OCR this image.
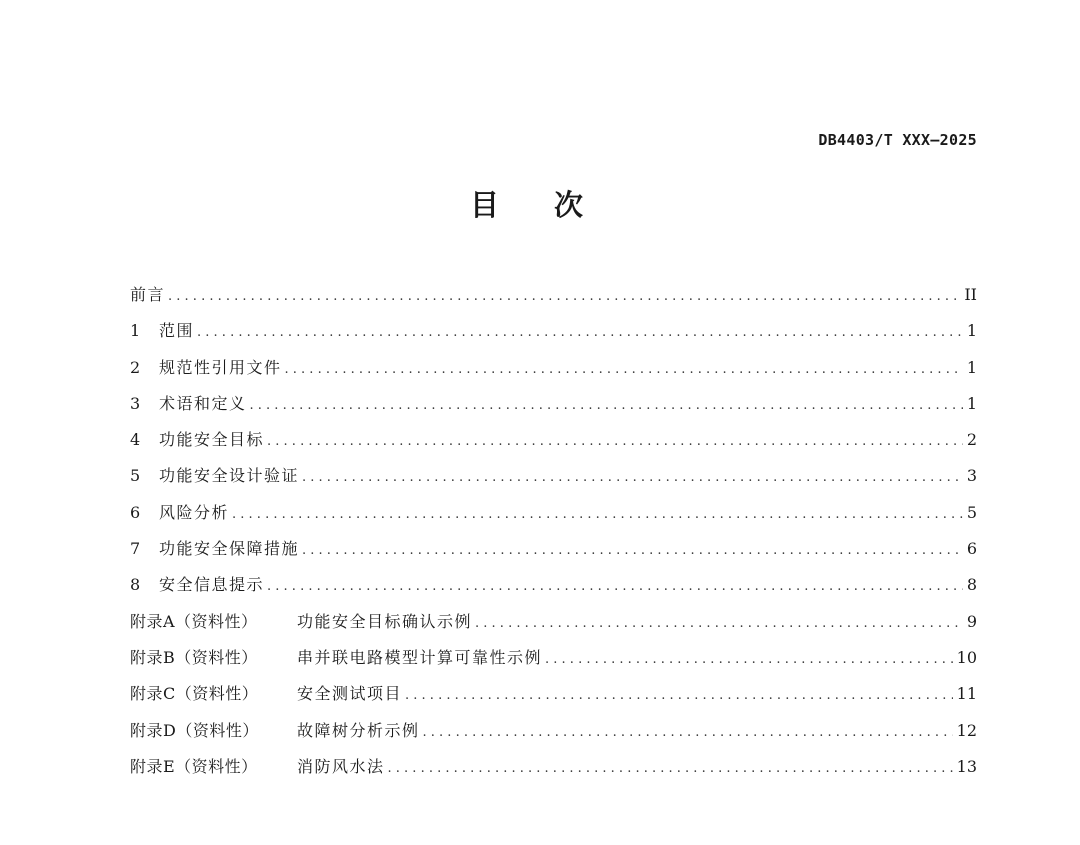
DB4403/T XXX—2025
目次
前言 . . .	II
1	范围 . . .	1
2	规范性引用文件 . . .	1
3	术语和定义 . . .	1
4	功能安全目标 . . .	2
5	功能安全设计验证 . . .	3
6	风险分析 . . .	5
7	功能安全保障措施 . . .	6
8	安全信息提示 . . .	8
附录A（资料性）	功能安全目标确认示例 . . .	9
附录B（资料性）	串并联电路模型计算可靠性示例 . . .	10
附录C（资料性）	安全测试项目 . . .	11
附录D（资料性）	故障树分析示例 . . .	12
附录E（资料性）	消防风水法 . . .	13
